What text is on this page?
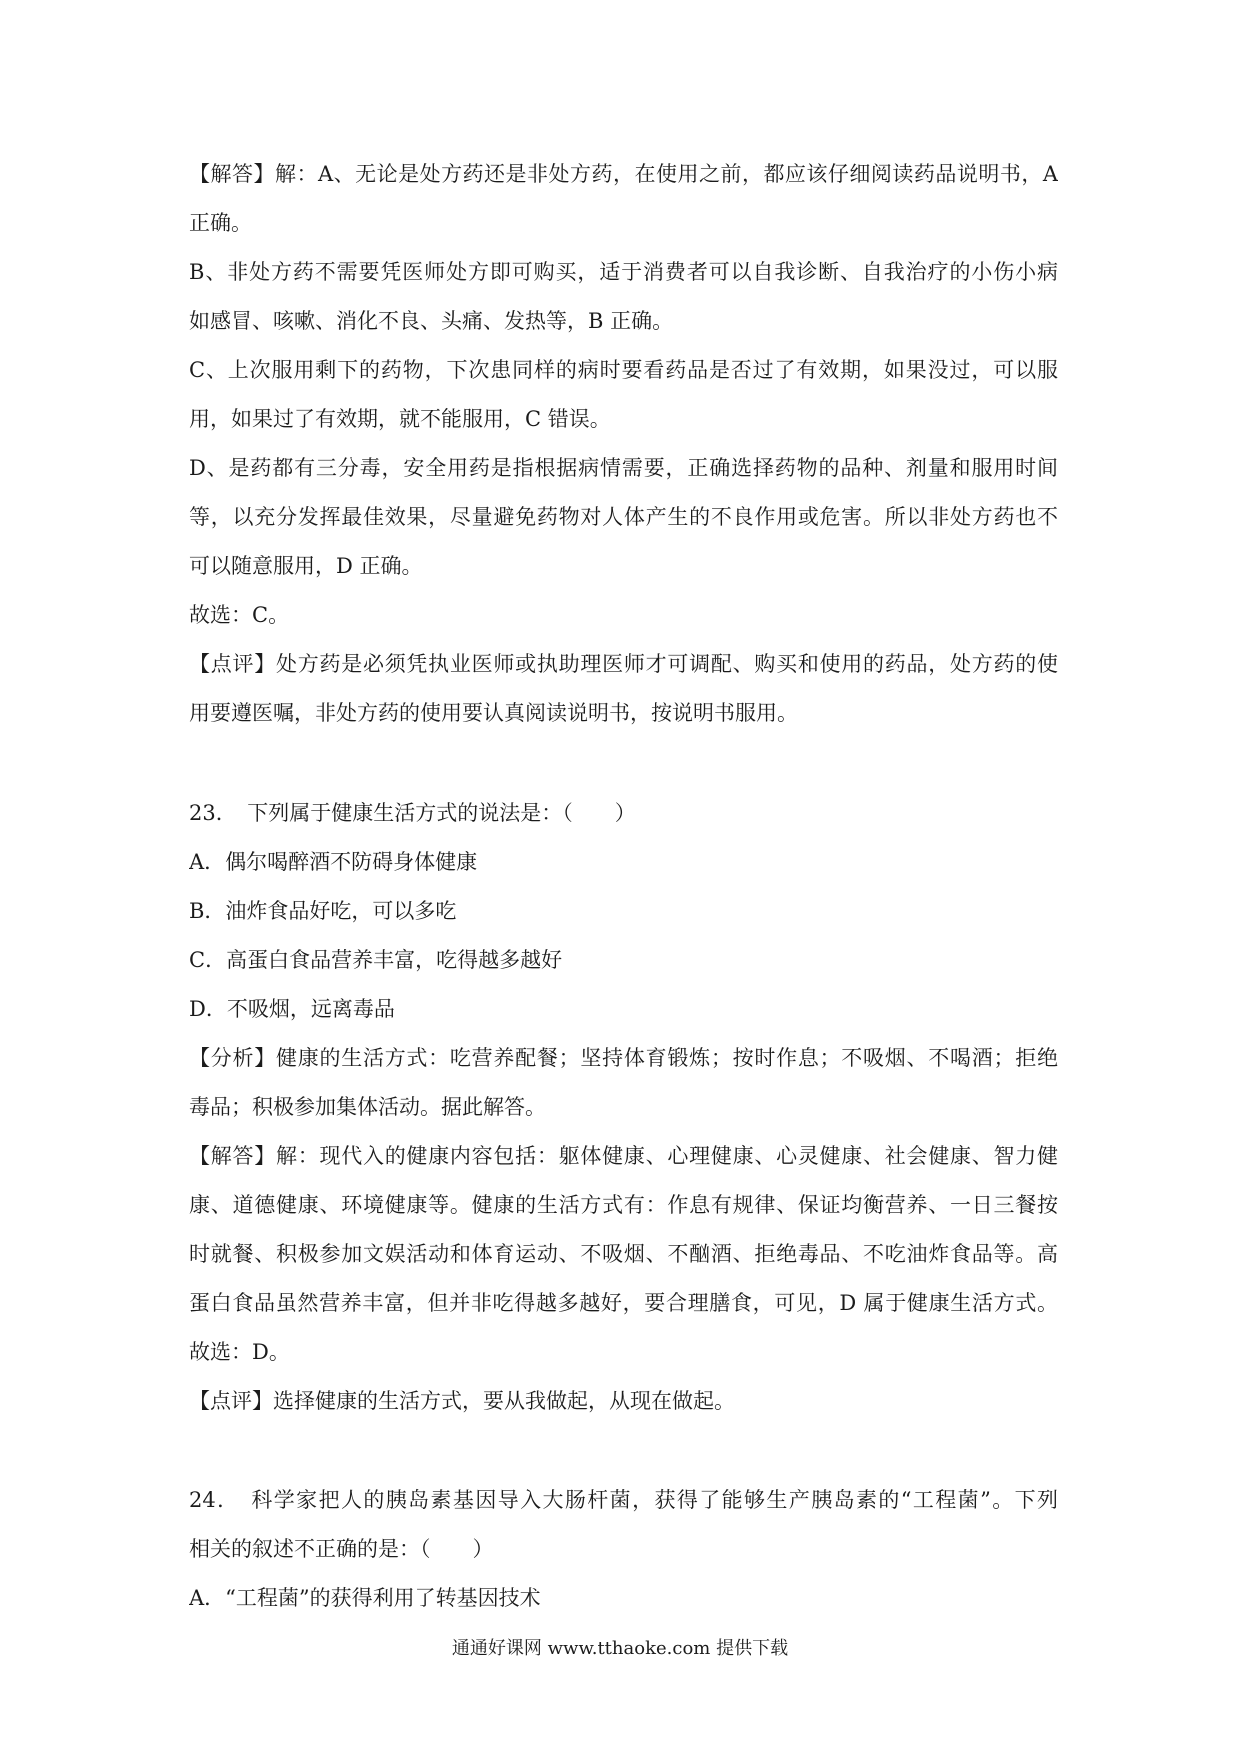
【解答】解：A、无论是处方药还是非处方药，在使用之前，都应该仔细阅读药品说明书，A
正确。
B、非处方药不需要凭医师处方即可购买，适于消费者可以自我诊断、自我治疗的小伤小病
如感冒、咳嗽、消化不良、头痛、发热等，B 正确。
C、上次服用剩下的药物，下次患同样的病时要看药品是否过了有效期，如果没过，可以服
用，如果过了有效期，就不能服用，C 错误。
D、是药都有三分毒，安全用药是指根据病情需要，正确选择药物的品种、剂量和服用时间
等，以充分发挥最佳效果，尽量避免药物对人体产生的不良作用或危害。所以非处方药也不
可以随意服用，D 正确。
故选：C。
【点评】处方药是必须凭执业医师或执助理医师才可调配、购买和使用的药品，处方药的使
用要遵医嘱，非处方药的使用要认真阅读说明书，按说明书服用。
23．　下列属于健康生活方式的说法是：（　　）
A．偶尔喝醉酒不防碍身体健康
B．油炸食品好吃，可以多吃
C．高蛋白食品营养丰富，吃得越多越好
D．不吸烟，远离毒品
【分析】健康的生活方式：吃营养配餐；坚持体育锻炼；按时作息；不吸烟、不喝酒；拒绝
毒品；积极参加集体活动。据此解答。
【解答】解：现代入的健康内容包括：躯体健康、心理健康、心灵健康、社会健康、智力健
康、道德健康、环境健康等。健康的生活方式有：作息有规律、保证均衡营养、一日三餐按
时就餐、积极参加文娱活动和体育运动、不吸烟、不酗酒、拒绝毒品、不吃油炸食品等。高
蛋白食品虽然营养丰富，但并非吃得越多越好，要合理膳食，可见，D 属于健康生活方式。
故选：D。
【点评】选择健康的生活方式，要从我做起，从现在做起。
24．　科学家把人的胰岛素基因导入大肠杆菌，获得了能够生产胰岛素的“工程菌”。下列
相关的叙述不正确的是：（　　）
A．“工程菌”的获得利用了转基因技术
通通好课网 www.tthaoke.com 提供下载
